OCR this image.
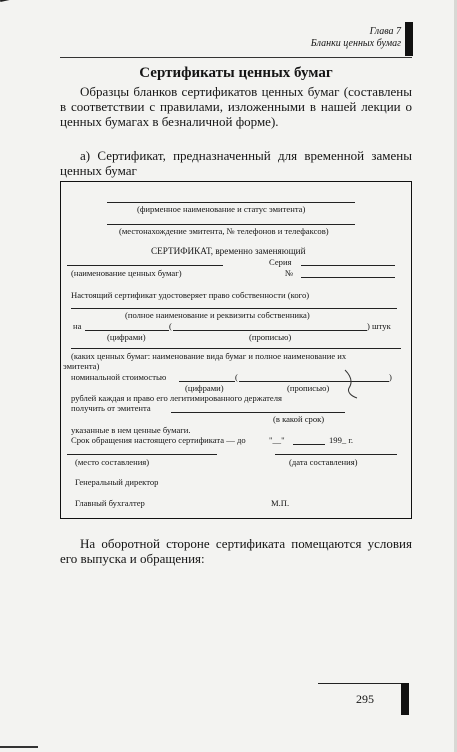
Глава 7
Бланки ценных бумаг
Сертификаты ценных бумаг
Образцы бланков сертификатов ценных бумаг (составлены в соответствии с правилами, изложенными в нашей лекции о ценных бумагах в безналичной форме).
а) Сертификат, предназначенный для временной замены ценных бумаг
(фирменное наименование и статус эмитента)
(местонахождение эмитента, № телефонов и телефаксов)
СЕРТИФИКАТ, временно заменяющий
Серия
(наименование ценных бумаг)	№
Настоящий сертификат удостоверяет право собственности (кого)
(полное наименование и реквизиты собственника)
на	(	) штук
(цифрами)	(прописью)
(каких ценных бумаг: наименование вида бумаг и полное наименование их
эмитента)
номинальной стоимостью	(	)
(цифрами)	(прописью)
рублей каждая и право его легитимированного держателя
получить от эмитента
(в какой срок)
указанные в нем ценные бумаги.
Срок обращения настоящего сертификата — до	"__"	199_ г.
(место составления)	(дата составления)
Генеральный директор
Главный бухгалтер	М.П.
На оборотной стороне сертификата помещаются условия его выпуска и обращения:
295
